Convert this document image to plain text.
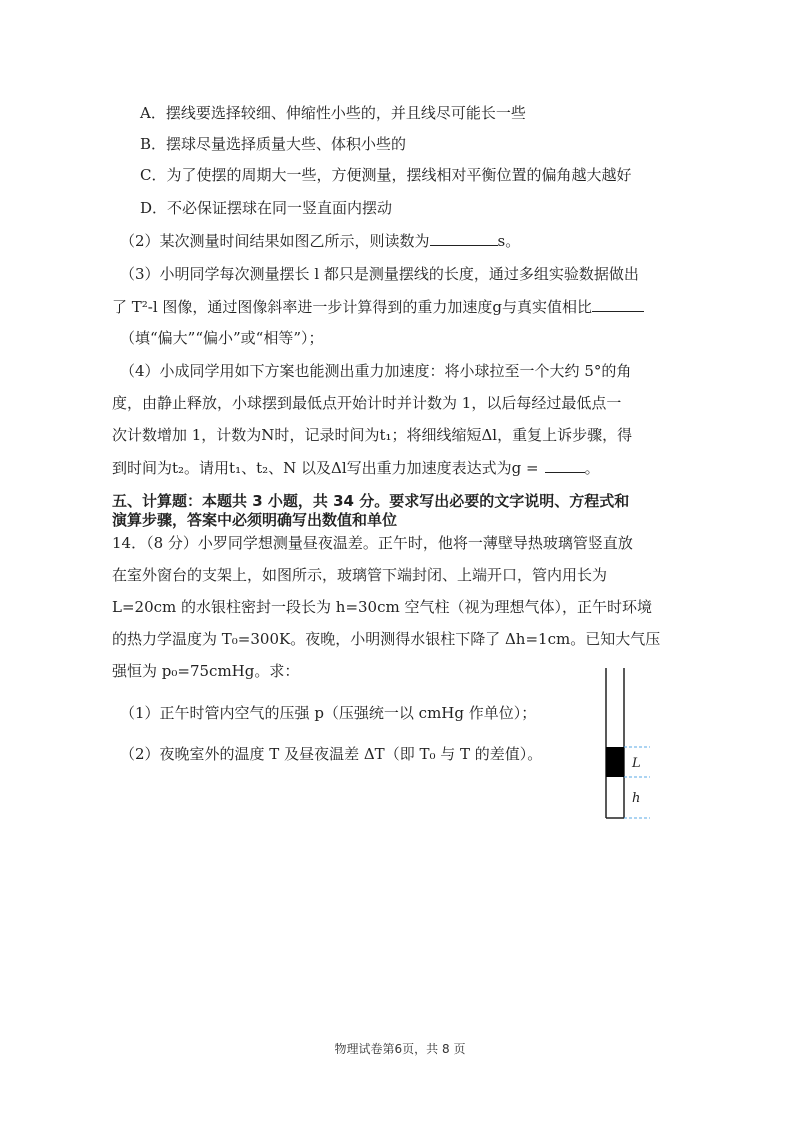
A．摆线要选择较细、伸缩性小些的，并且线尽可能长一些
B．摆球尽量选择质量大些、体积小些的
C．为了使摆的周期大一些，方便测量，摆线相对平衡位置的偏角越大越好
D．不必保证摆球在同一竖直面内摆动
（2）某次测量时间结果如图乙所示，则读数为	s。
（3）小明同学每次测量摆长 l 都只是测量摆线的长度，通过多组实验数据做出
了 T²-l 图像，通过图像斜率进一步计算得到的重力加速度g与真实值相比
（填“偏大”“偏小”或“相等”）；
（4）小成同学用如下方案也能测出重力加速度：将小球拉至一个大约 5°的角
度，由静止释放，小球摆到最低点开始计时并计数为 1，以后每经过最低点一
次计数增加 1，计数为N时，记录时间为t₁；将细线缩短Δl，重复上诉步骤，得
到时间为t₂。请用t₁、t₂、N 以及Δl写出重力加速度表达式为g =	。
五、计算题：本题共 3 小题，共 34 分。要求写出必要的文字说明、方程式和
演算步骤，答案中必须明确写出数值和单位
14．（8 分）小罗同学想测量昼夜温差。正午时，他将一薄壁导热玻璃管竖直放
在室外窗台的支架上，如图所示，玻璃管下端封闭、上端开口，管内用长为
L=20cm 的水银柱密封一段长为 h=30cm 空气柱（视为理想气体），正午时环境
的热力学温度为 T₀=300K。夜晚，小明测得水银柱下降了 Δh=1cm。已知大气压
强恒为 p₀=75cmHg。求：
（1）正午时管内空气的压强 p（压强统一以 cmHg 作单位）；
（2）夜晚室外的温度 T 及昼夜温差 ΔT（即 T₀ 与 T 的差值）。
L
h
物理试卷第6页，共 8 页
